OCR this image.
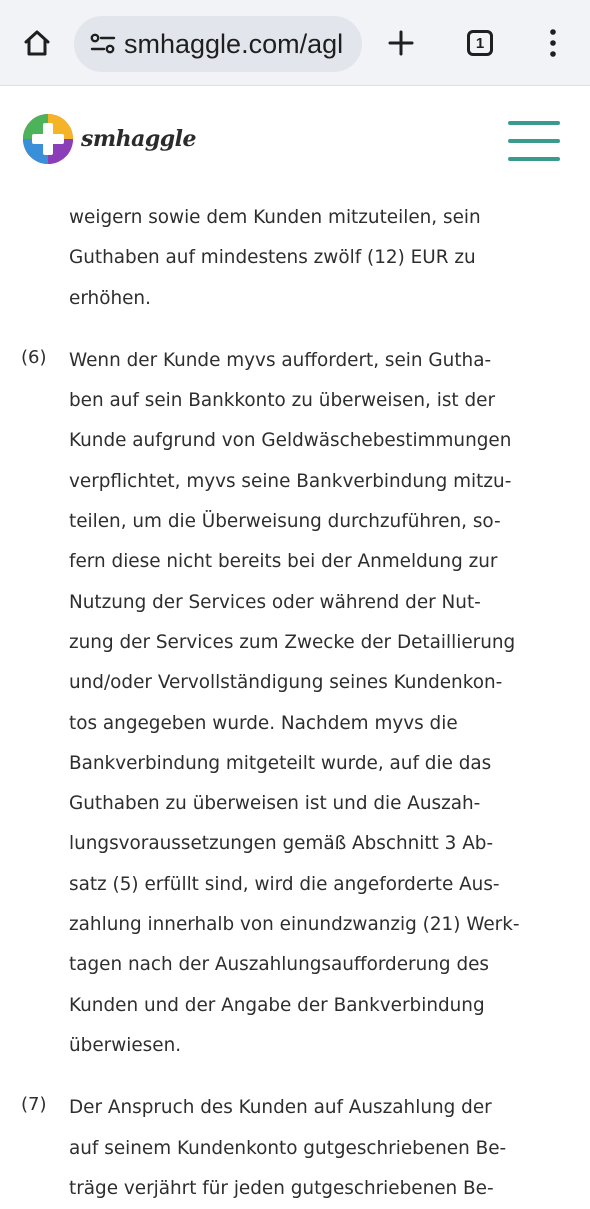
smhaggle.com/agl	1
smhaggle
weigern sowie dem Kunden mitzuteilen, sein
Guthaben auf mindestens zwölf (12) EUR zu
erhöhen.
(6) Wenn der Kunde myvs auffordert, sein Gutha-
ben auf sein Bankkonto zu überweisen, ist der
Kunde aufgrund von Geldwäschebestimmungen
verpflichtet, myvs seine Bankverbindung mitzu-
teilen, um die Überweisung durchzuführen, so-
fern diese nicht bereits bei der Anmeldung zur
Nutzung der Services oder während der Nut-
zung der Services zum Zwecke der Detaillierung
und/oder Vervollständigung seines Kundenkon-
tos angegeben wurde. Nachdem myvs die
Bankverbindung mitgeteilt wurde, auf die das
Guthaben zu überweisen ist und die Auszah-
lungsvoraussetzungen gemäß Abschnitt 3 Ab-
satz (5) erfüllt sind, wird die angeforderte Aus-
zahlung innerhalb von einundzwanzig (21) Werk-
tagen nach der Auszahlungsaufforderung des
Kunden und der Angabe der Bankverbindung
überwiesen.
(7) Der Anspruch des Kunden auf Auszahlung der
auf seinem Kundenkonto gutgeschriebenen Be-
träge verjährt für jeden gutgeschriebenen Be-
